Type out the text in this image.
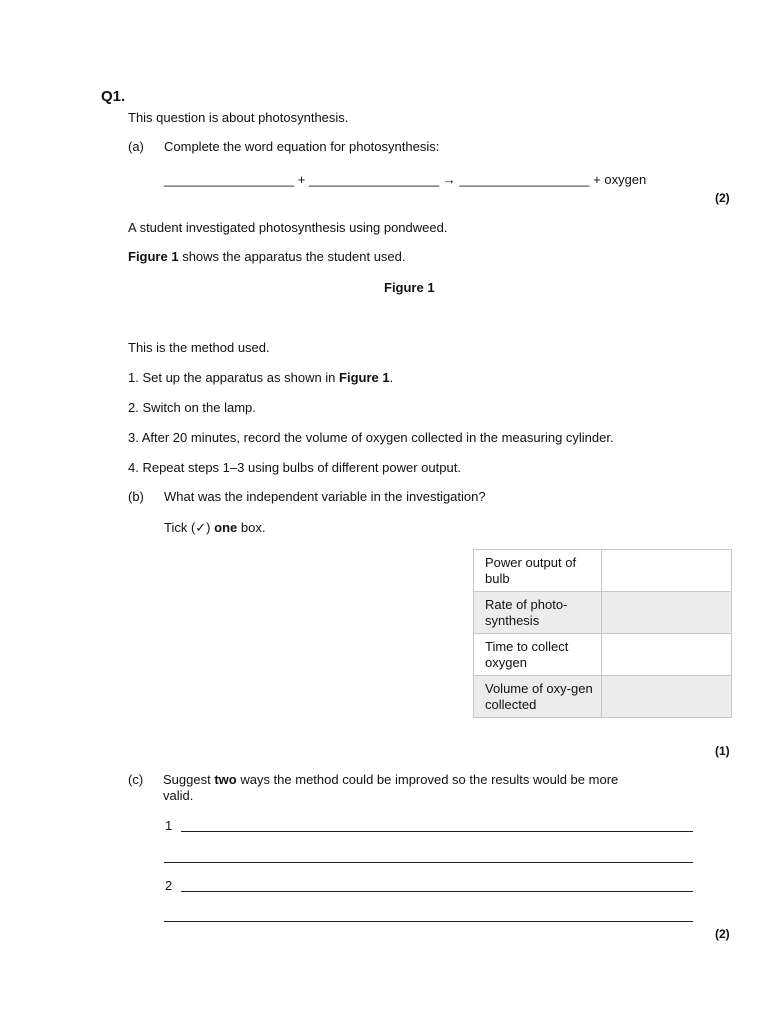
Q1.
This question is about photosynthesis.
(a) Complete the word equation for photosynthesis:
__________________ + __________________ → __________________ + oxygen
(2)
A student investigated photosynthesis using pondweed.
Figure 1 shows the apparatus the student used.
Figure 1
This is the method used.
1. Set up the apparatus as shown in Figure 1.
2. Switch on the lamp.
3. After 20 minutes, record the volume of oxygen collected in the measuring cylinder.
4. Repeat steps 1–3 using bulbs of different power output.
(b) What was the independent variable in the investigation?
Tick (✓) one box.
Power output of bulb	
Rate of photo-synthesis	
Time to collect oxygen	
Volume of oxy-gen collected	
(1)
(c) Suggest two ways the method could be improved so the results would be more
valid.
1
2
(2)
